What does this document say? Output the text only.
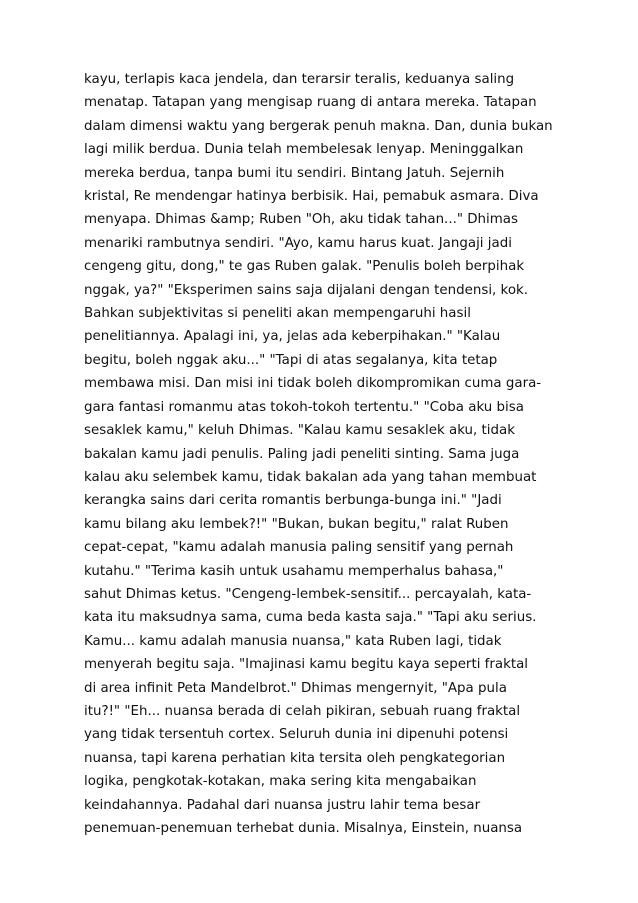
kayu, terlapis kaca jendela, dan terarsir teralis, keduanya saling
menatap. Tatapan yang mengisap ruang di antara mereka. Tatapan
dalam dimensi waktu yang bergerak penuh makna. Dan, dunia bukan
lagi milik berdua. Dunia telah membelesak lenyap. Meninggalkan
mereka berdua, tanpa bumi itu sendiri. Bintang Jatuh. Sejernih
kristal, Re mendengar hatinya berbisik. Hai, pemabuk asmara. Diva
menyapa. Dhimas &amp; Ruben "Oh, aku tidak tahan..." Dhimas
menariki rambutnya sendiri. "Ayo, kamu harus kuat. Jangaji jadi
cengeng gitu, dong," te gas Ruben galak. "Penulis boleh berpihak
nggak, ya?" "Eksperimen sains saja dijalani dengan tendensi, kok.
Bahkan subjektivitas si peneliti akan mempengaruhi hasil
penelitiannya. Apalagi ini, ya, jelas ada keberpihakan." "Kalau
begitu, boleh nggak aku..." "Tapi di atas segalanya, kita tetap
membawa misi. Dan misi ini tidak boleh dikompromikan cuma gara-
gara fantasi romanmu atas tokoh-tokoh tertentu." "Coba aku bisa
sesaklek kamu," keluh Dhimas. "Kalau kamu sesaklek aku, tidak
bakalan kamu jadi penulis. Paling jadi peneliti sinting. Sama juga
kalau aku selembek kamu, tidak bakalan ada yang tahan membuat
kerangka sains dari cerita romantis berbunga-bunga ini." "Jadi
kamu bilang aku lembek?!" "Bukan, bukan begitu," ralat Ruben
cepat-cepat, "kamu adalah manusia paling sensitif yang pernah
kutahu." "Terima kasih untuk usahamu memperhalus bahasa,"
sahut Dhimas ketus. "Cengeng-lembek-sensitif... percayalah, kata-
kata itu maksudnya sama, cuma beda kasta saja." "Tapi aku serius.
Kamu... kamu adalah manusia nuansa," kata Ruben lagi, tidak
menyerah begitu saja. "Imajinasi kamu begitu kaya seperti fraktal
di area infinit Peta Mandelbrot." Dhimas mengernyit, "Apa pula
itu?!" "Eh... nuansa berada di celah pikiran, sebuah ruang fraktal
yang tidak tersentuh cortex. Seluruh dunia ini dipenuhi potensi
nuansa, tapi karena perhatian kita tersita oleh pengkategorian
logika, pengkotak-kotakan, maka sering kita mengabaikan
keindahannya. Padahal dari nuansa justru lahir tema besar
penemuan-penemuan terhebat dunia. Misalnya, Einstein, nuansa
